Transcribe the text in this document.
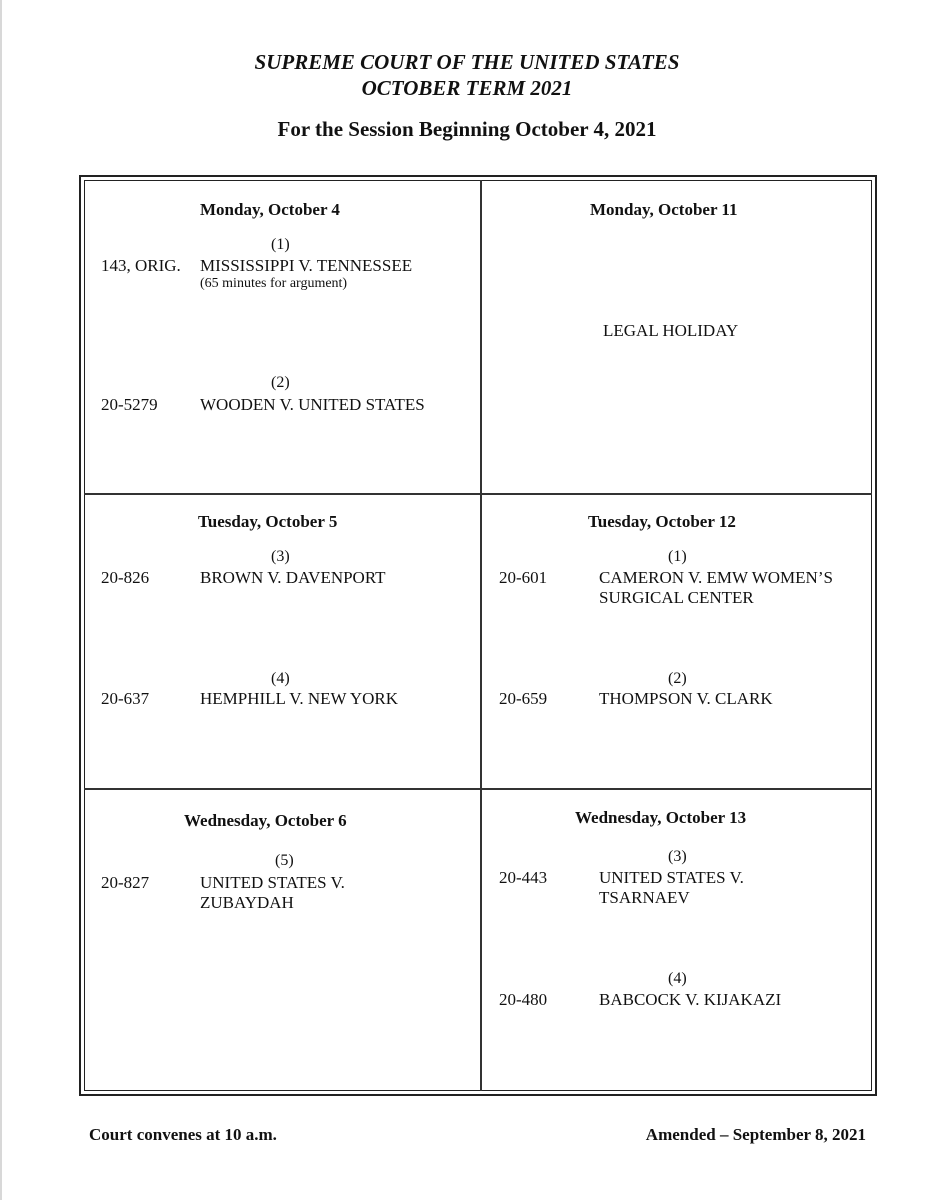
SUPREME COURT OF THE UNITED STATES
OCTOBER TERM 2021
For the Session Beginning October 4, 2021
Monday, October 4
(1)
143, ORIG. MISSISSIPPI V. TENNESSEE
(65 minutes for argument)
(2)
20-5279 WOODEN V. UNITED STATES
Monday, October 11
LEGAL HOLIDAY
Tuesday, October 5
(3)
20-826	BROWN V. DAVENPORT
(4)
20-637	HEMPHILL V. NEW YORK
Tuesday, October 12
(1)
20-601	CAMERON V. EMW WOMEN’S
SURGICAL CENTER
(2)
20-659	THOMPSON V. CLARK
Wednesday, October 6
(5)
20-827	UNITED STATES V.
ZUBAYDAH
Wednesday, October 13
(3)
20-443	UNITED STATES V.
TSARNAEV
(4)
20-480	BABCOCK V. KIJAKAZI
Court convenes at 10 a.m.	Amended – September 8, 2021
